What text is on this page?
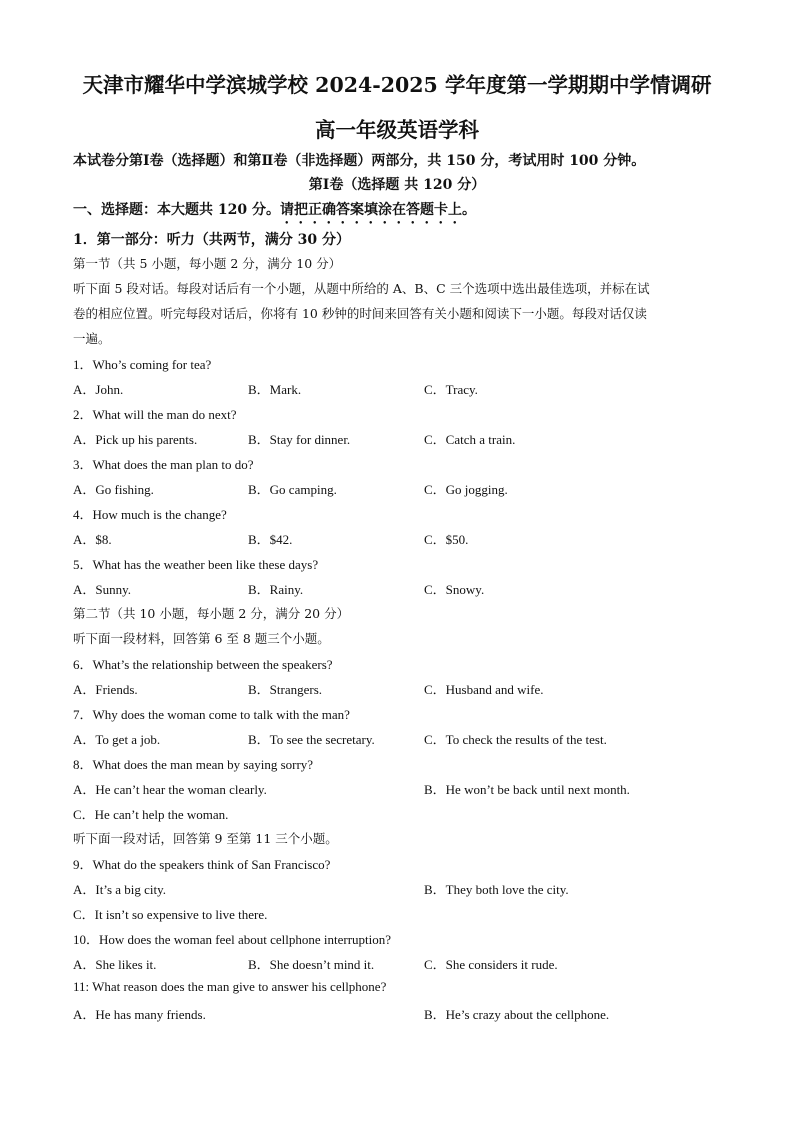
天津市耀华中学滨城学校 2024-2025 学年度第一学期期中学情调研
高一年级英语学科
本试卷分第Ⅰ卷（选择题）和第Ⅱ卷（非选择题）两部分，共 150 分，考试用时 100 分钟。
第Ⅰ卷（选择题 共 120 分）
一、选择题：本大题共 120 分。请把正确答案填涂在答题卡上。
1．第一部分：听力（共两节，满分 30 分）
第一节（共 5 小题，每小题 2 分，满分 10 分）
听下面 5 段对话。每段对话后有一个小题，从题中所给的 A、B、C 三个选项中选出最佳选项，并标在试
卷的相应位置。听完每段对话后，你将有 10 秒钟的时间来回答有关小题和阅读下一小题。每段对话仅读
一遍。
1．Who’s coming for tea?
A．John.	B．Mark.	C．Tracy.
2．What will the man do next?
A．Pick up his parents.	B．Stay for dinner.	C．Catch a train.
3．What does the man plan to do?
A．Go fishing.	B．Go camping.	C．Go jogging.
4．How much is the change?
A．$8.	B．$42.	C．$50.
5．What has the weather been like these days?
A．Sunny.	B．Rainy.	C．Snowy.
第二节（共 10 小题，每小题 2 分，满分 20 分）
听下面一段材料，回答第 6 至 8 题三个小题。
6．What’s the relationship between the speakers?
A．Friends.	B．Strangers.	C．Husband and wife.
7．Why does the woman come to talk with the man?
A．To get a job.	B．To see the secretary.	C．To check the results of the test.
8．What does the man mean by saying sorry?
A．He can’t hear the woman clearly.	B．He won’t be back until next month.
C．He can’t help the woman.
听下面一段对话，回答第 9 至第 11 三个小题。
9．What do the speakers think of San Francisco?
A．It’s a big city.	B．They both love the city.
C．It isn’t so expensive to live there.
10．How does the woman feel about cellphone interruption?
A．She likes it.	B．She doesn’t mind it.	C．She considers it rude.
11: What reason does the man give to answer his cellphone?
A．He has many friends.	B．He’s crazy about the cellphone.
